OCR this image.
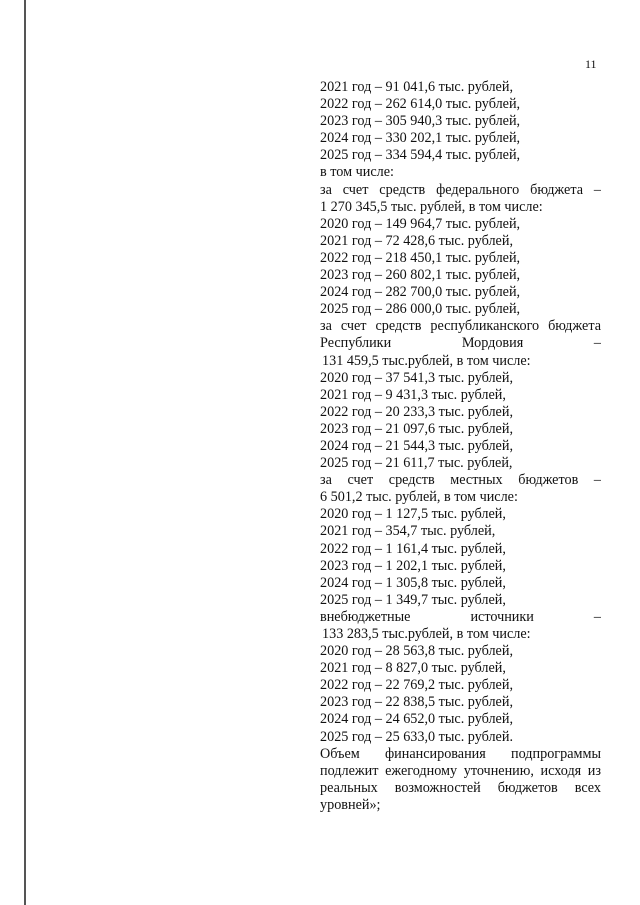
11
2021 год – 91 041,6 тыс. рублей,
2022 год – 262 614,0 тыс. рублей,
2023 год – 305 940,3 тыс. рублей,
2024 год – 330 202,1 тыс. рублей,
2025 год – 334 594,4 тыс. рублей,
в том числе:
за счет средств федерального бюджета –
1 270 345,5 тыс. рублей, в том числе:
2020 год – 149 964,7 тыс. рублей,
2021 год – 72 428,6 тыс. рублей,
2022 год – 218 450,1 тыс. рублей,
2023 год – 260 802,1 тыс. рублей,
2024 год – 282 700,0 тыс. рублей,
2025 год – 286 000,0 тыс. рублей,
за счет средств республиканского бюджета
Республики Мордовия –
131 459,5 тыс.рублей, в том числе:
2020 год – 37 541,3 тыс. рублей,
2021 год – 9 431,3 тыс. рублей,
2022 год – 20 233,3 тыс. рублей,
2023 год – 21 097,6 тыс. рублей,
2024 год – 21 544,3 тыс. рублей,
2025 год – 21 611,7 тыс. рублей,
за счет средств местных бюджетов –
6 501,2 тыс. рублей, в том числе:
2020 год – 1 127,5 тыс. рублей,
2021 год – 354,7 тыс. рублей,
2022 год – 1 161,4 тыс. рублей,
2023 год – 1 202,1 тыс. рублей,
2024 год – 1 305,8 тыс. рублей,
2025 год – 1 349,7 тыс. рублей,
внебюджетные источники –
133 283,5 тыс.рублей, в том числе:
2020 год – 28 563,8 тыс. рублей,
2021 год – 8 827,0 тыс. рублей,
2022 год – 22 769,2 тыс. рублей,
2023 год – 22 838,5 тыс. рублей,
2024 год – 24 652,0 тыс. рублей,
2025 год – 25 633,0 тыс. рублей.
Объем финансирования подпрограммы
подлежит ежегодному уточнению, исходя из
реальных возможностей бюджетов всех
уровней»;
